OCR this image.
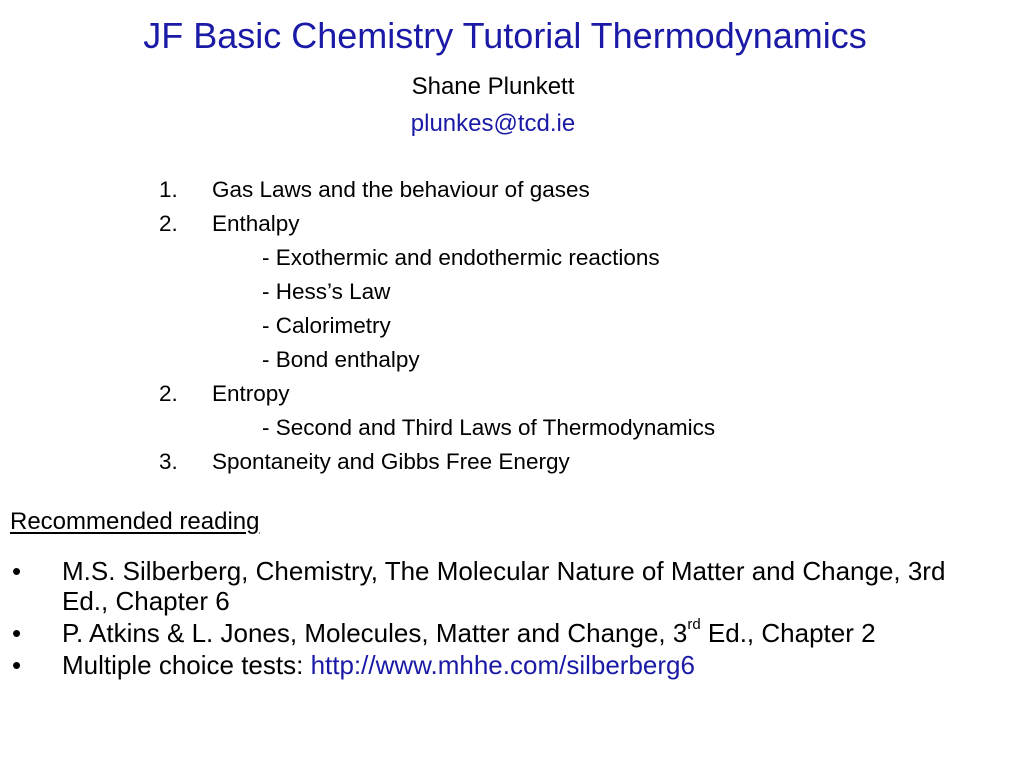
JF Basic Chemistry Tutorial Thermodynamics
Shane Plunkett
plunkes@tcd.ie
1. Gas Laws and the behaviour of gases
2. Enthalpy
- Exothermic and endothermic reactions
- Hess’s Law
- Calorimetry
- Bond enthalpy
2. Entropy
- Second and Third Laws of Thermodynamics
3. Spontaneity and Gibbs Free Energy
Recommended reading
• M.S. Silberberg, Chemistry, The Molecular Nature of Matter and Change, 3rd Ed., Chapter 6
• P. Atkins & L. Jones, Molecules, Matter and Change, 3rd Ed., Chapter 2
• Multiple choice tests: http://www.mhhe.com/silberberg6
